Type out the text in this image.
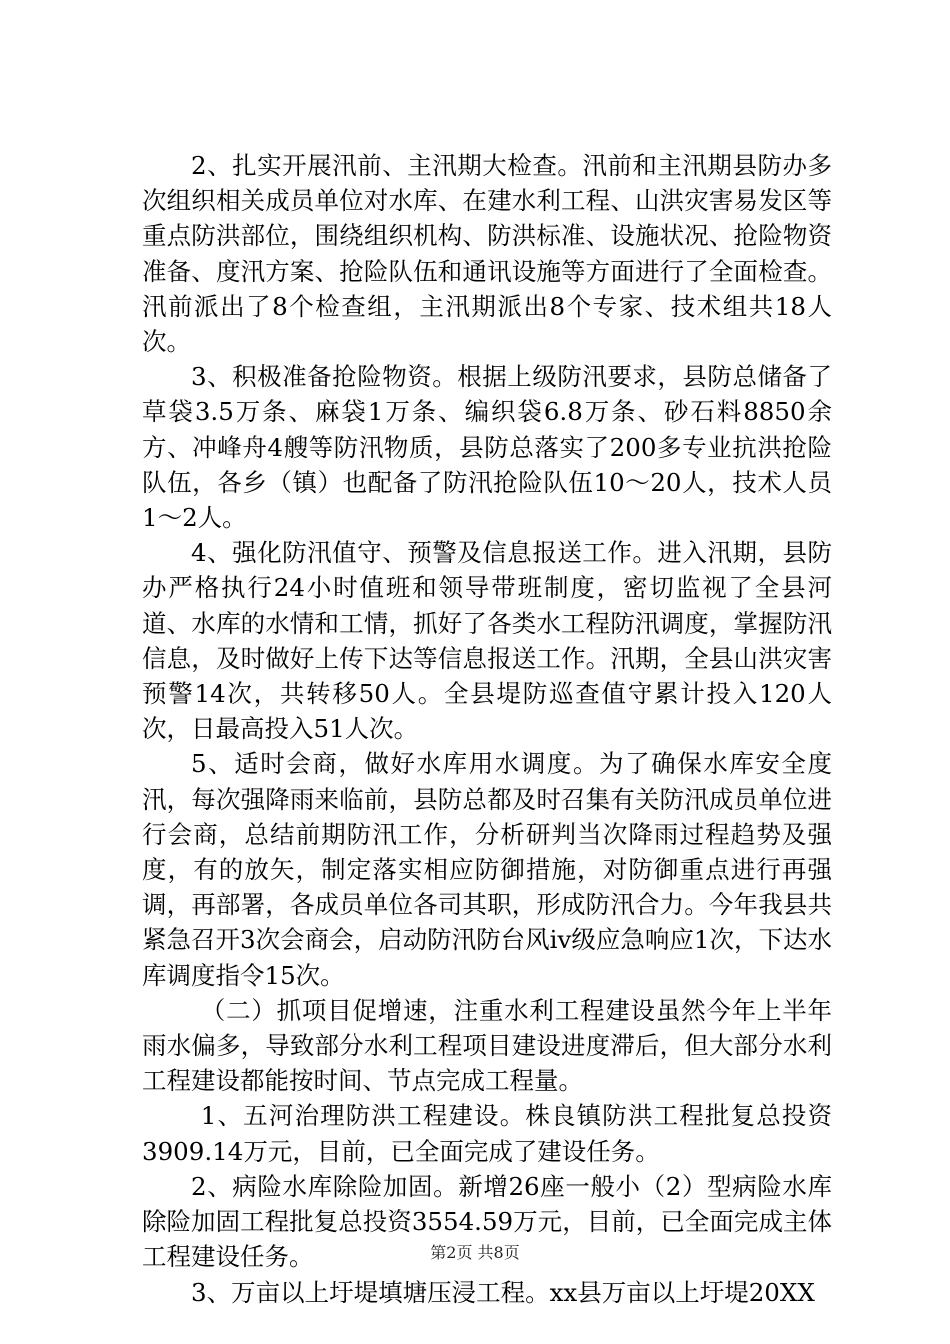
2、扎实开展汛前、主汛期大检查。汛前和主汛期县防办多次组织相关成员单位对水库、在建水利工程、山洪灾害易发区等重点防洪部位，围绕组织机构、防洪标准、设施状况、抢险物资准备、度汛方案、抢险队伍和通讯设施等方面进行了全面检查。汛前派出了8个检查组，主汛期派出8个专家、技术组共18人次。

3、积极准备抢险物资。根据上级防汛要求，县防总储备了草袋3.5万条、麻袋1万条、编织袋6.8万条、砂石料8850余方、冲峰舟4艘等防汛物质，县防总落实了200多专业抗洪抢险队伍，各乡（镇）也配备了防汛抢险队伍10～20人，技术人员1～2人。

4、强化防汛值守、预警及信息报送工作。进入汛期，县防办严格执行24小时值班和领导带班制度，密切监视了全县河道、水库的水情和工情，抓好了各类水工程防汛调度，掌握防汛信息，及时做好上传下达等信息报送工作。汛期，全县山洪灾害预警14次，共转移50人。全县堤防巡查值守累计投入120人次，日最高投入51人次。

5、适时会商，做好水库用水调度。为了确保水库安全度汛，每次强降雨来临前，县防总都及时召集有关防汛成员单位进行会商，总结前期防汛工作，分析研判当次降雨过程趋势及强度，有的放矢，制定落实相应防御措施，对防御重点进行再强调，再部署，各成员单位各司其职，形成防汛合力。今年我县共紧急召开3次会商会，启动防汛防台风iv级应急响应1次，下达水库调度指令15次。

（二）抓项目促增速，注重水利工程建设虽然今年上半年雨水偏多，导致部分水利工程项目建设进度滞后，但大部分水利工程建设都能按时间、节点完成工程量。

1、五河治理防洪工程建设。株良镇防洪工程批复总投资3909.14万元，目前，已全面完成了建设任务。

2、病险水库除险加固。新增26座一般小（2）型病险水库除险加固工程批复总投资3554.59万元，目前，已全面完成主体工程建设任务。

3、万亩以上圩堤填塘压浸工程。xx县万亩以上圩堤20XX

第2页 共8页
